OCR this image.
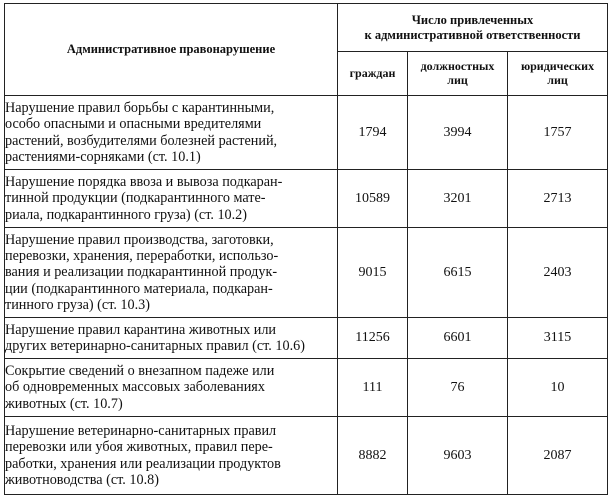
Административное правонарушение	Число привлеченных
к административной ответственности		

	граждан	должностных
лиц	юридических
лиц

Нарушение правил борьбы с карантинными,
особо опасными и опасными вредителями
растений, возбудителями болезней растений,
растениями-сорняками (ст. 10.1)	1794	3994	1757

Нарушение порядка ввоза и вывоза подкаран-
тинной продукции (подкарантинного мате-
риала, подкарантинного груза) (ст. 10.2)	10589	3201	2713

Нарушение правил производства, заготовки,
перевозки, хранения, переработки, использо-
вания и реализации подкарантинной продук-
ции (подкарантинного материала, подкаран-
тинного груза) (ст. 10.3)	9015	6615	2403

Нарушение правил карантина животных или
других ветеринарно-санитарных правил (ст. 10.6)	11256	6601	3115

Сокрытие сведений о внезапном падеже или
об одновременных массовых заболеваниях
животных (ст. 10.7)	111	76	10

Нарушение ветеринарно-санитарных правил
перевозки или убоя животных, правил пере-
работки, хранения или реализации продуктов
животноводства (ст. 10.8)	8882	9603	2087
